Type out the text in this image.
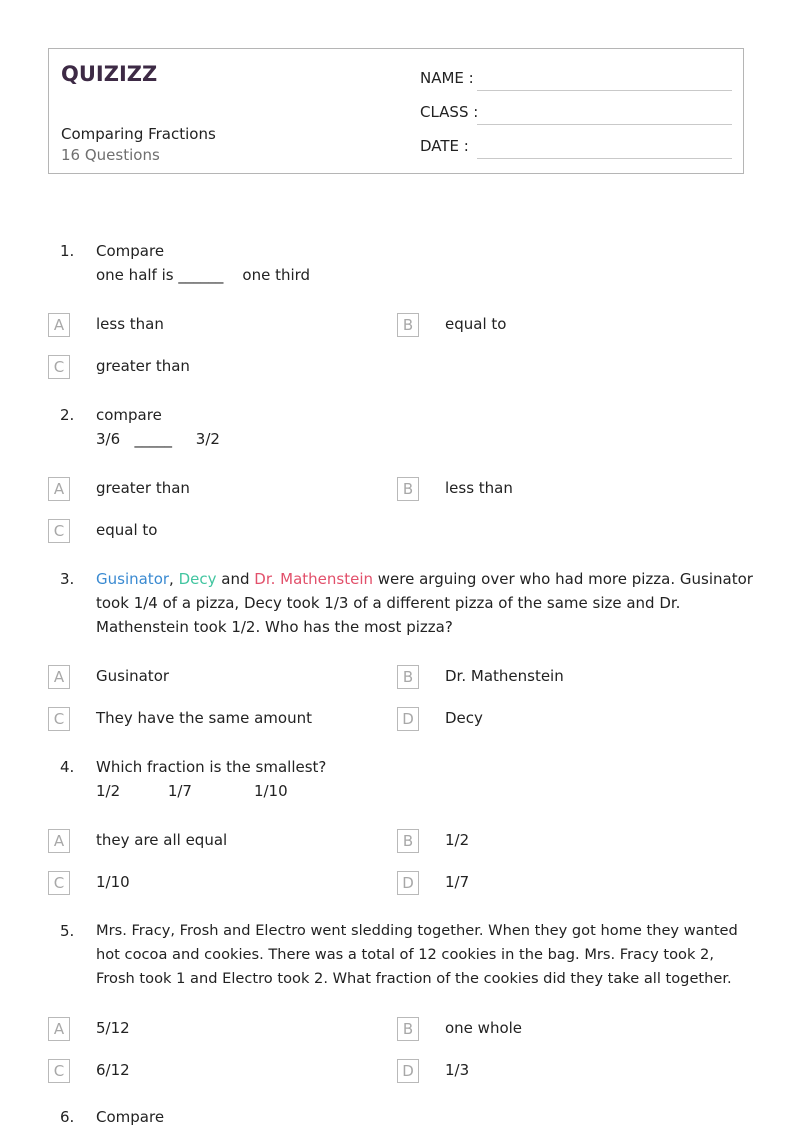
QUIZIZZ
Comparing Fractions
16 Questions
NAME :
CLASS :
DATE :
1. Compare
one half is ______    one third
A	less than	B	equal to
C	greater than
2. compare
3/6   _____     3/2
A	greater than	B	less than
C	equal to
3. Gusinator, Decy and Dr. Mathenstein were arguing over who had more pizza. Gusinator
took 1/4 of a pizza, Decy took 1/3 of a different pizza of the same size and Dr.
Mathenstein took 1/2. Who has the most pizza?
A	Gusinator	B	Dr. Mathenstein
C	They have the same amount	D	Decy
4. Which fraction is the smallest?
1/2          1/7             1/10
A	they are all equal	B	1/2
C	1/10	D	1/7
5. Mrs. Fracy, Frosh and Electro went sledding together. When they got home they wanted
hot cocoa and cookies. There was a total of 12 cookies in the bag. Mrs. Fracy took 2,
Frosh took 1 and Electro took 2. What fraction of the cookies did they take all together.
A	5/12	B	one whole
C	6/12	D	1/3
6. Compare
